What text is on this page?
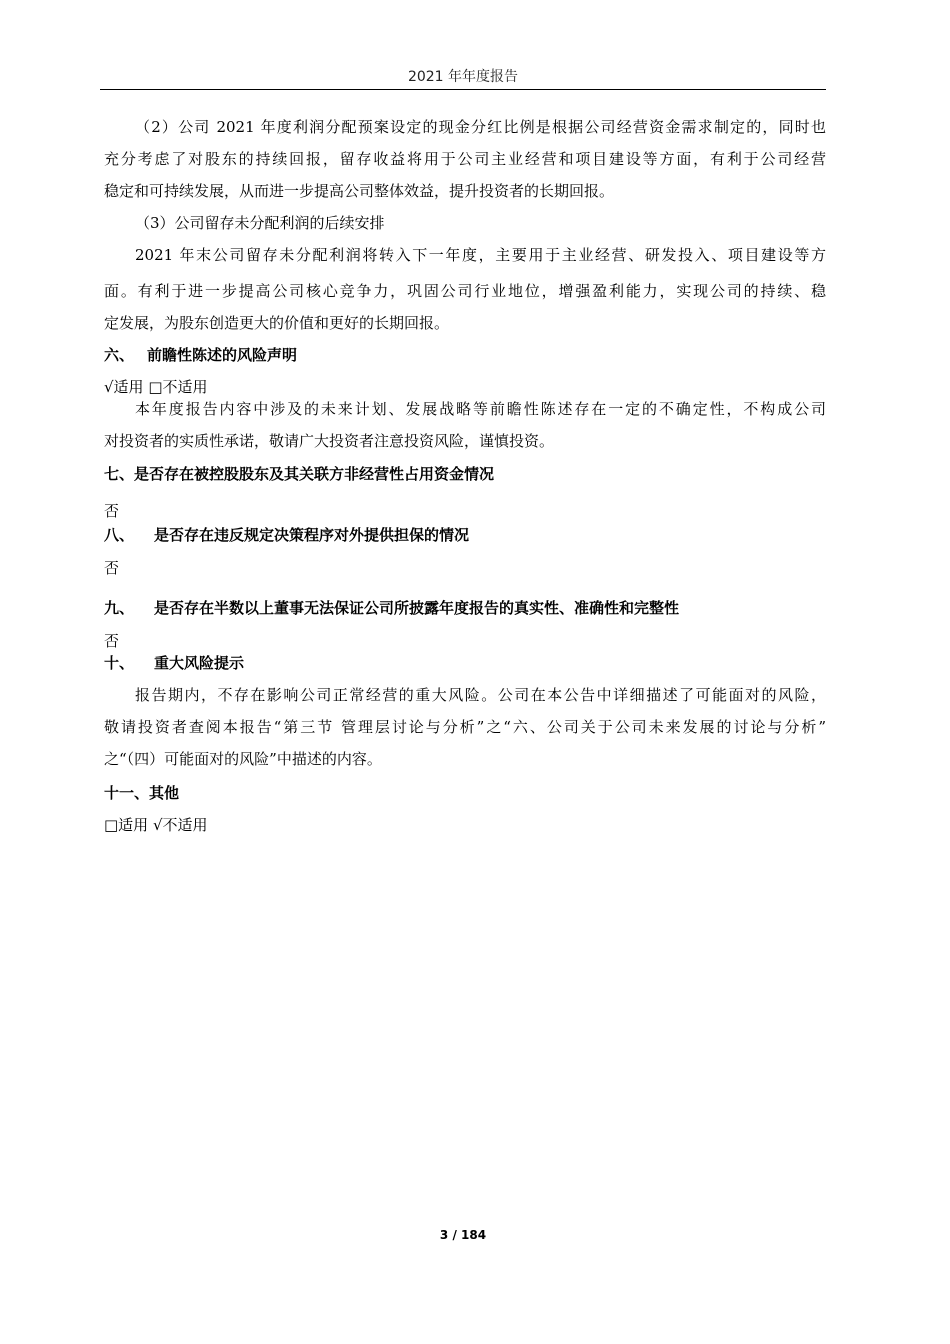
2021 年年度报告
（2）公司 2021 年度利润分配预案设定的现金分红比例是根据公司经营资金需求制定的，同时也
充分考虑了对股东的持续回报，留存收益将用于公司主业经营和项目建设等方面，有利于公司经营
稳定和可持续发展，从而进一步提高公司整体效益，提升投资者的长期回报。
（3）公司留存未分配利润的后续安排
2021 年末公司留存未分配利润将转入下一年度，主要用于主业经营、研发投入、项目建设等方
面。有利于进一步提高公司核心竞争力，巩固公司行业地位，增强盈利能力，实现公司的持续、稳
定发展，为股东创造更大的价值和更好的长期回报。
六、 前瞻性陈述的风险声明
√适用 □不适用
本年度报告内容中涉及的未来计划、发展战略等前瞻性陈述存在一定的不确定性，不构成公司
对投资者的实质性承诺，敬请广大投资者注意投资风险，谨慎投资。
七、是否存在被控股股东及其关联方非经营性占用资金情况
否
八、 是否存在违反规定决策程序对外提供担保的情况
否
九、 是否存在半数以上董事无法保证公司所披露年度报告的真实性、准确性和完整性
否
十、 重大风险提示
报告期内，不存在影响公司正常经营的重大风险。公司在本公告中详细描述了可能面对的风险，
敬请投资者查阅本报告“第三节 管理层讨论与分析”之“六、公司关于公司未来发展的讨论与分析”
之“（四）可能面对的风险”中描述的内容。
十一、其他
□适用 √不适用
3 / 184
